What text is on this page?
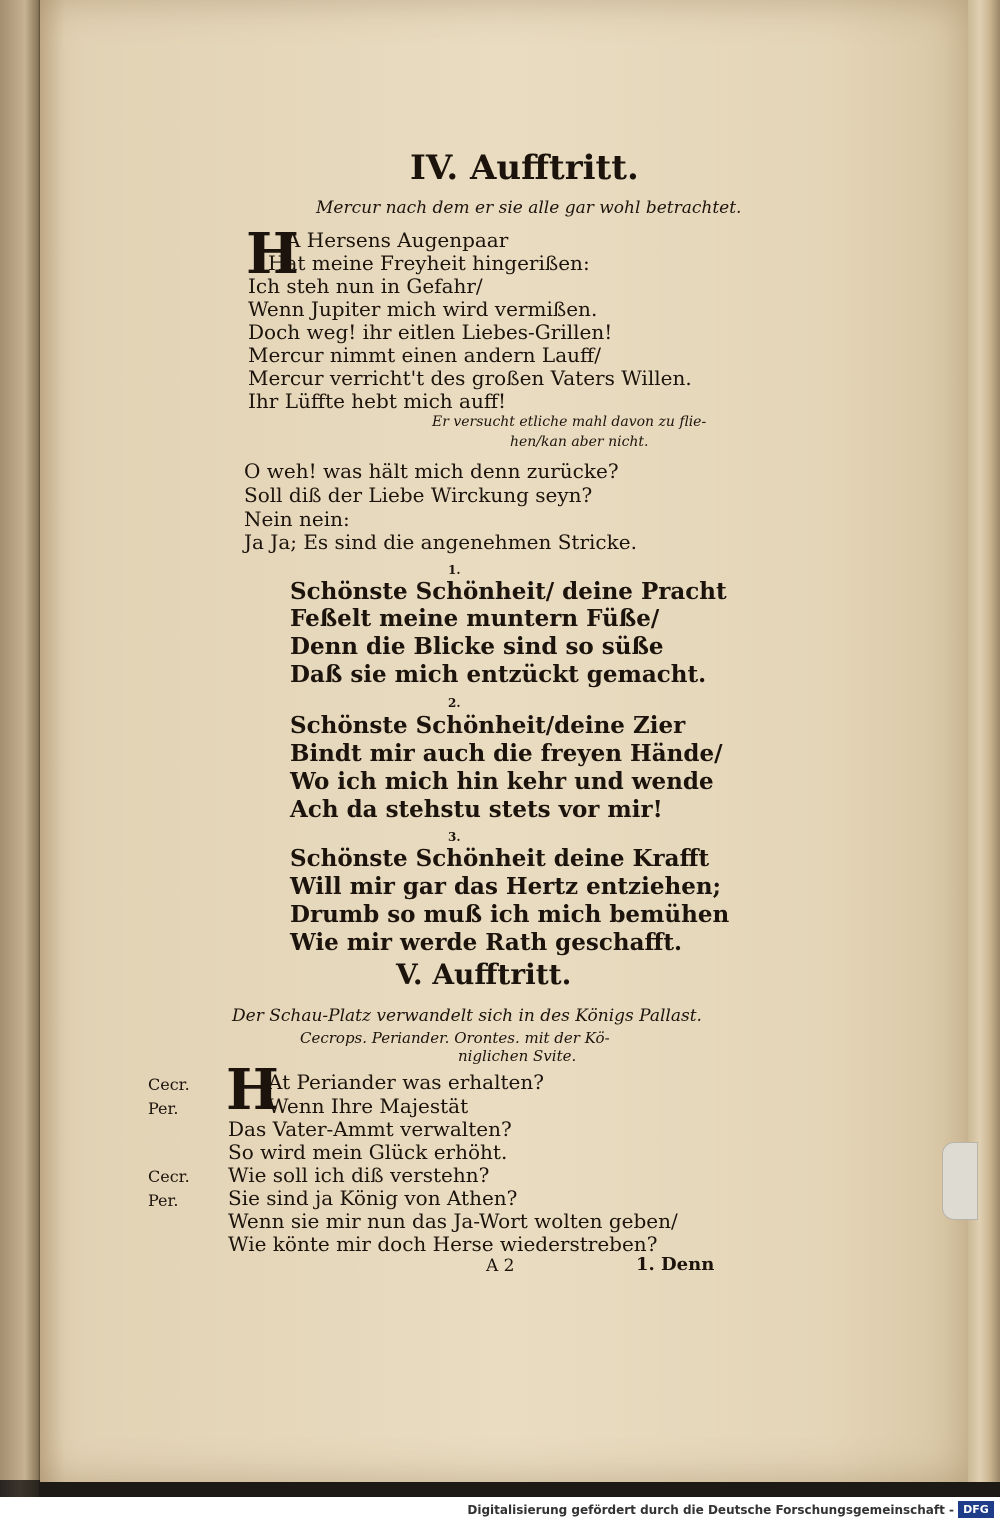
IV. Aufftritt.
Mercur nach dem er sie alle gar wohl betrachtet.
H
A Hersens Augenpaar
Hat meine Freyheit hingerißen:
Ich steh nun in Gefahr/
Wenn Jupiter mich wird vermißen.
Doch weg! ihr eitlen Liebes-Grillen!
Mercur nimmt einen andern Lauff/
Mercur verricht't des großen Vaters Willen.
Ihr Lüffte hebt mich auff!
Er versucht etliche mahl davon zu flie-
hen/kan aber nicht.
O weh! was hält mich denn zurücke?
Soll diß der Liebe Wirckung seyn?
Nein nein:
Ja Ja; Es sind die angenehmen Stricke.
1.
Schönste Schönheit/ deine Pracht
Feßelt meine muntern Füße/
Denn die Blicke sind so süße
Daß sie mich entzückt gemacht.
2.
Schönste Schönheit/deine Zier
Bindt mir auch die freyen Hände/
Wo ich mich hin kehr und wende
Ach da stehstu stets vor mir!
3.
Schönste Schönheit deine Krafft
Will mir gar das Hertz entziehen;
Drumb so muß ich mich bemühen
Wie mir werde Rath geschafft.
V. Aufftritt.
Der Schau-Platz verwandelt sich in des Königs Pallast.
Cecrops. Periander. Orontes. mit der Kö-
niglichen Svite.
H
Cecr.	At Periander was erhalten?
Per.	Wenn Ihre Majestät
Das Vater-Ammt verwalten?
So wird mein Glück erhöht.
Cecr. Wie soll ich diß verstehn?
Per. Sie sind ja König von Athen?
Wenn sie mir nun das Ja-Wort wolten geben/
Wie könte mir doch Herse wiederstreben?
A 2	1. Denn
Digitalisierung gefördert durch die Deutsche Forschungsgemeinschaft - DFG
